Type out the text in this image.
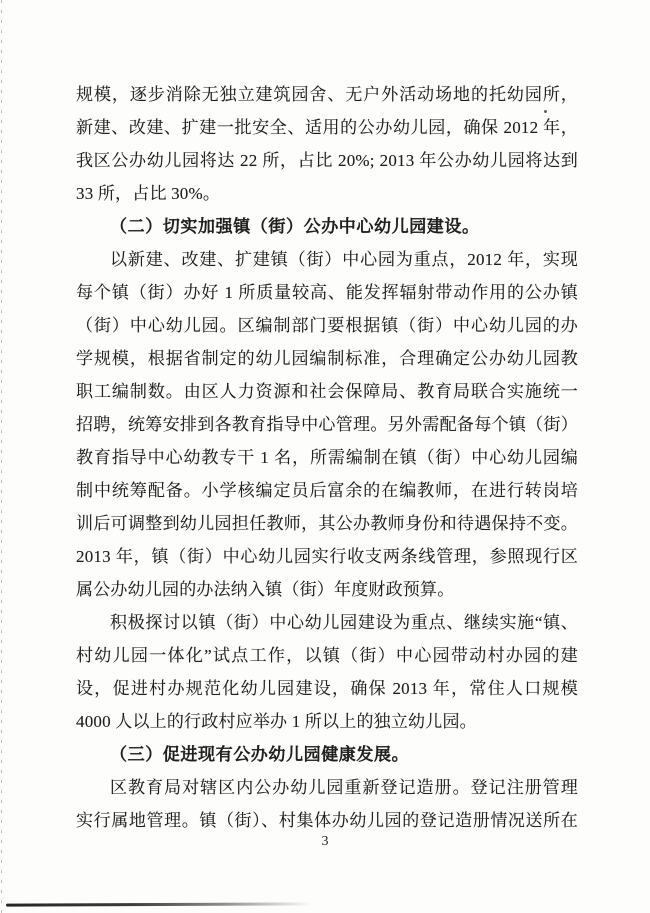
规模，逐步消除无独立建筑园舍、无户外活动场地的托幼园所，
新建、改建、扩建一批安全、适用的公办幼儿园，确保 2012 年，
我区公办幼儿园将达 22 所，占比 20%; 2013 年公办幼儿园将达到
33 所，占比 30%。
（二）切实加强镇（街）公办中心幼儿园建设。
以新建、改建、扩建镇（街）中心园为重点，2012 年，实现
每个镇（街）办好 1 所质量较高、能发挥辐射带动作用的公办镇
（街）中心幼儿园。区编制部门要根据镇（街）中心幼儿园的办
学规模，根据省制定的幼儿园编制标准，合理确定公办幼儿园教
职工编制数。由区人力资源和社会保障局、教育局联合实施统一
招聘，统筹安排到各教育指导中心管理。另外需配备每个镇（街）
教育指导中心幼教专干 1 名，所需编制在镇（街）中心幼儿园编
制中统筹配备。小学核编定员后富余的在编教师，在进行转岗培
训后可调整到幼儿园担任教师，其公办教师身份和待遇保持不变。
2013 年，镇（街）中心幼儿园实行收支两条线管理，参照现行区
属公办幼儿园的办法纳入镇（街）年度财政预算。
积极探讨以镇（街）中心幼儿园建设为重点、继续实施“镇、
村幼儿园一体化”试点工作，以镇（街）中心园带动村办园的建
设，促进村办规范化幼儿园建设，确保 2013 年，常住人口规模
4000 人以上的行政村应举办 1 所以上的独立幼儿园。
（三）促进现有公办幼儿园健康发展。
区教育局对辖区内公办幼儿园重新登记造册。登记注册管理
实行属地管理。镇（街）、村集体办幼儿园的登记造册情况送所在
3
